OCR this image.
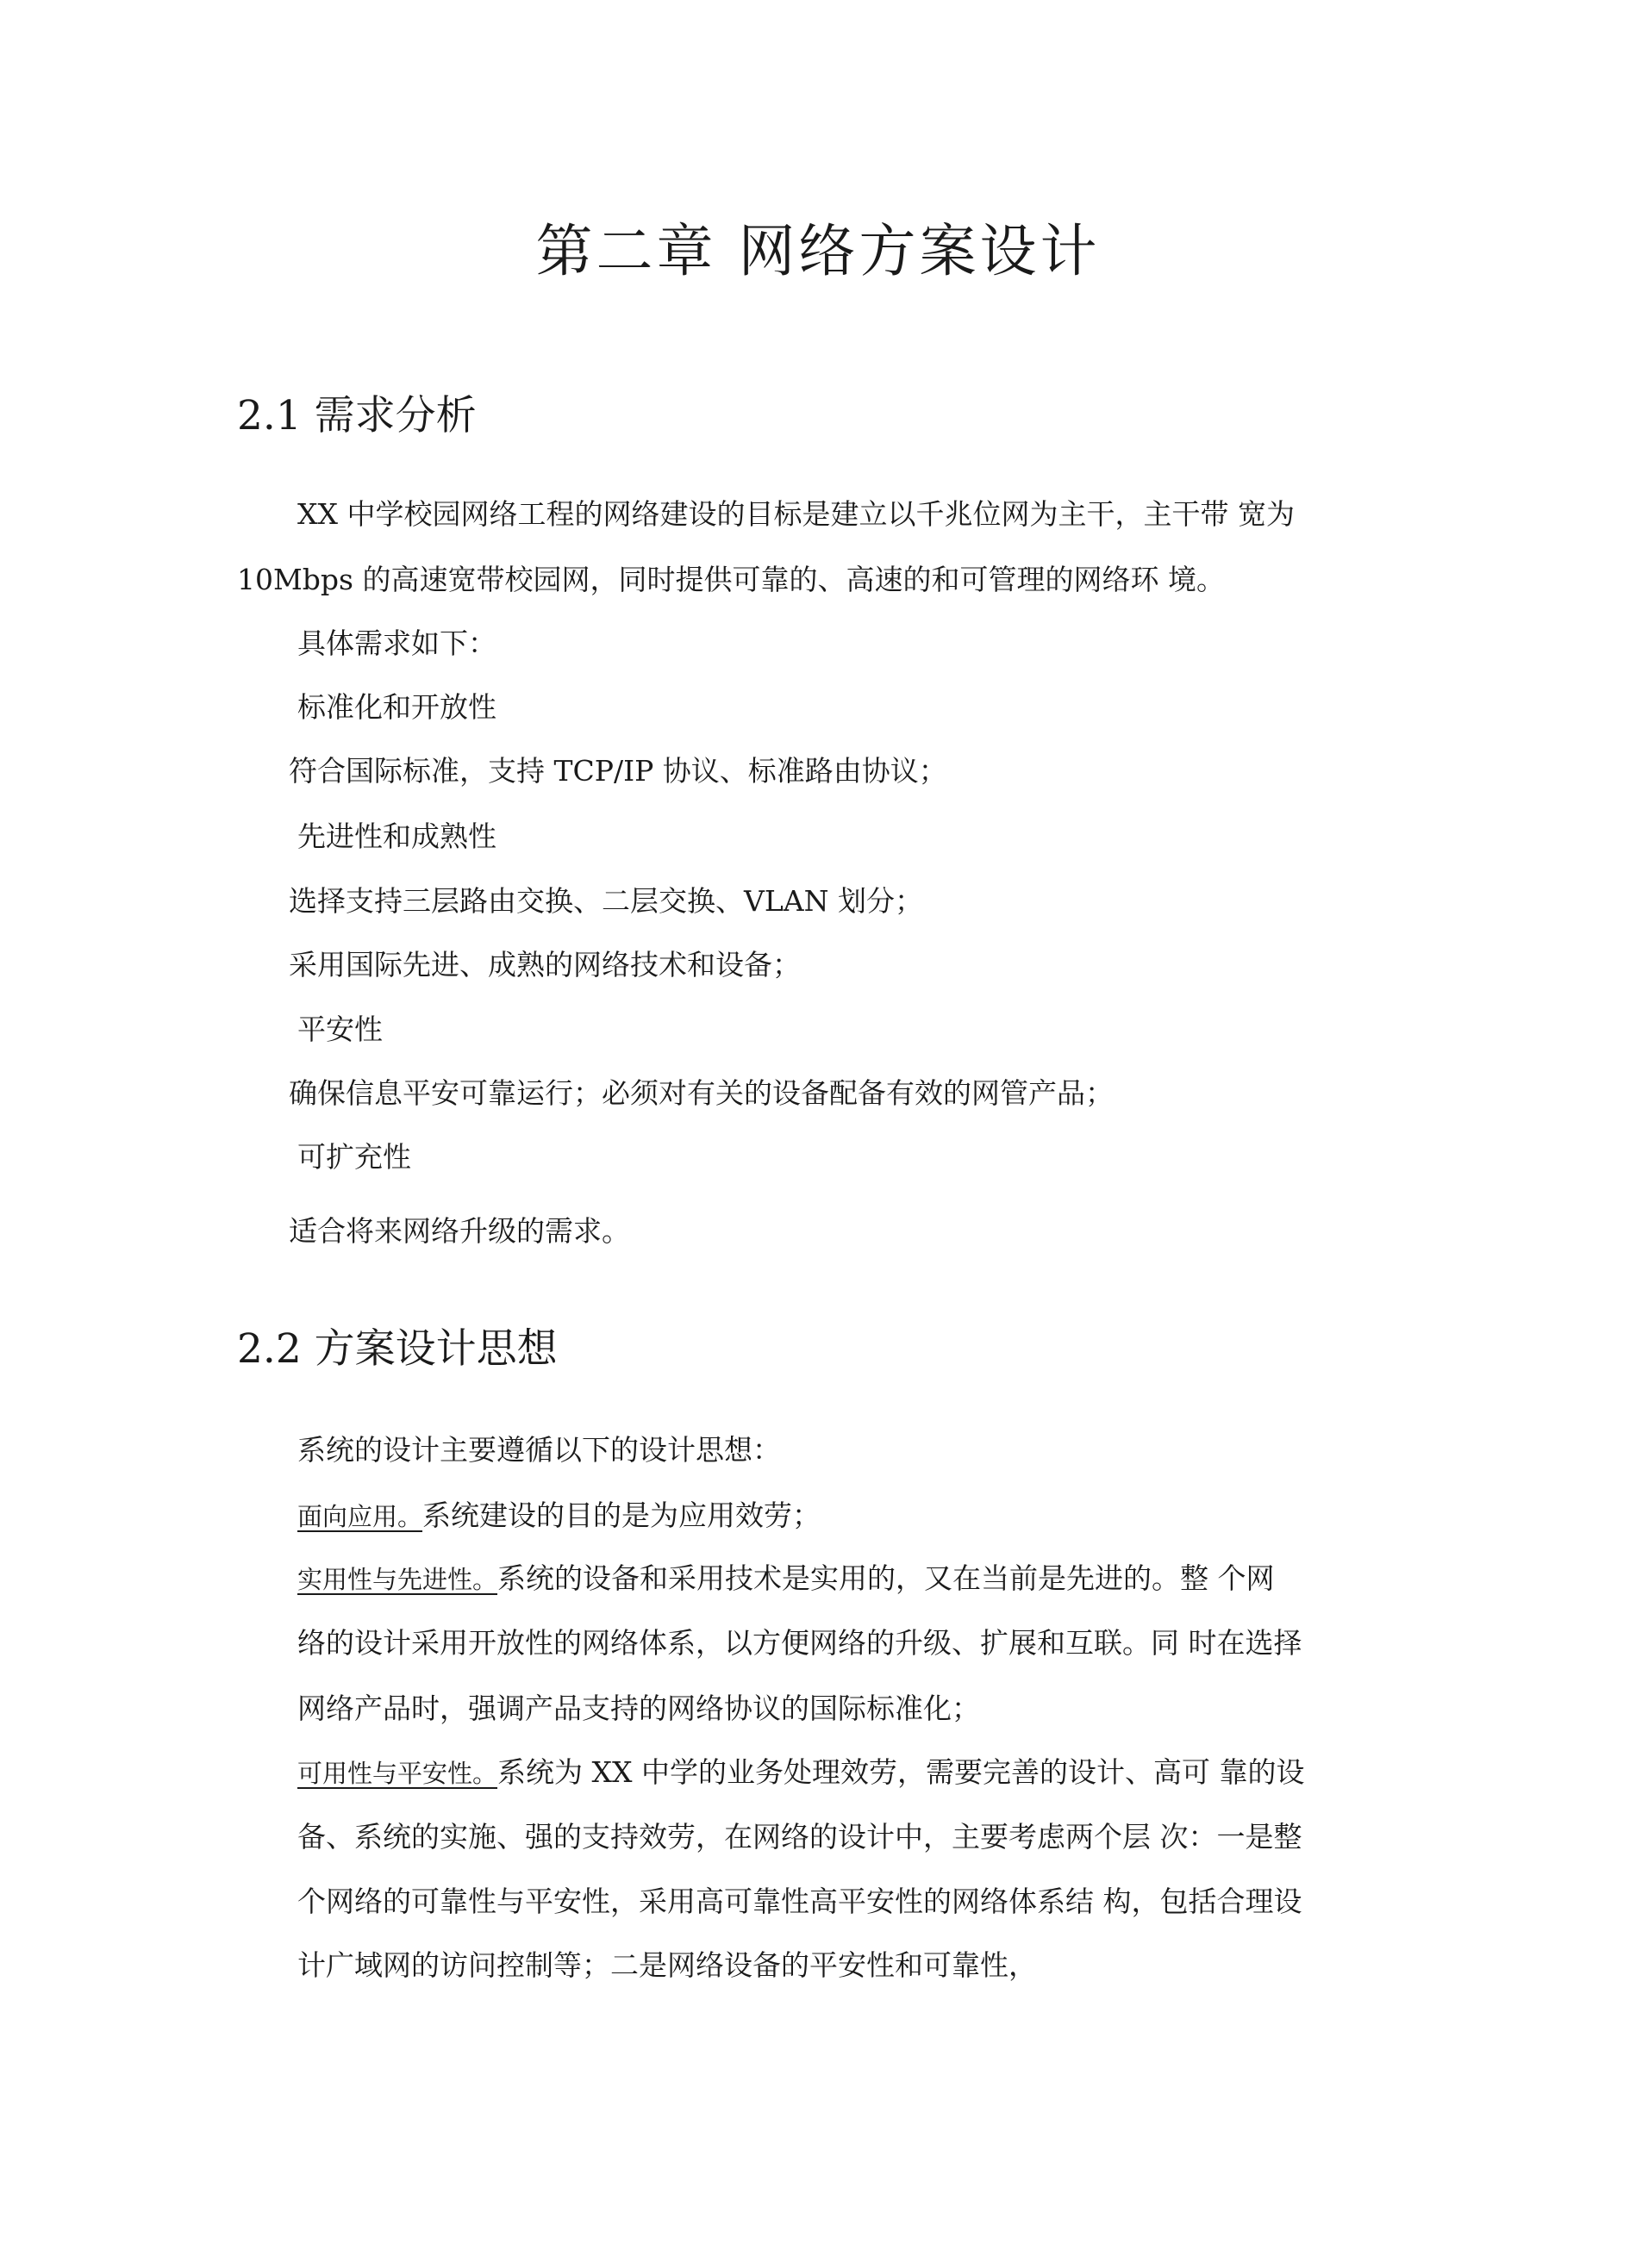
第二章 网络方案设计
2.1 需求分析
XX 中学校园网络工程的网络建设的目标是建立以千兆位网为主干，主干带 宽为
10Mbps 的高速宽带校园网，同时提供可靠的、高速的和可管理的网络环 境。
具体需求如下：
标准化和开放性
符合国际标准，支持 TCP/IP 协议、标准路由协议；
先进性和成熟性
选择支持三层路由交换、二层交换、VLAN 划分；
采用国际先进、成熟的网络技术和设备；
平安性
确保信息平安可靠运行；必须对有关的设备配备有效的网管产品；
可扩充性
适合将来网络升级的需求。
2.2 方案设计思想
系统的设计主要遵循以下的设计思想：
面向应用。系统建设的目的是为应用效劳；
实用性与先进性。系统的设备和采用技术是实用的，又在当前是先进的。整 个网
络的设计采用开放性的网络体系，以方便网络的升级、扩展和互联。同 时在选择
网络产品时，强调产品支持的网络协议的国际标准化；
可用性与平安性。系统为 XX 中学的业务处理效劳，需要完善的设计、高可 靠的设
备、系统的实施、强的支持效劳，在网络的设计中，主要考虑两个层 次：一是整
个网络的可靠性与平安性，采用高可靠性高平安性的网络体系结 构，包括合理设
计广域网的访问控制等；二是网络设备的平安性和可靠性，
